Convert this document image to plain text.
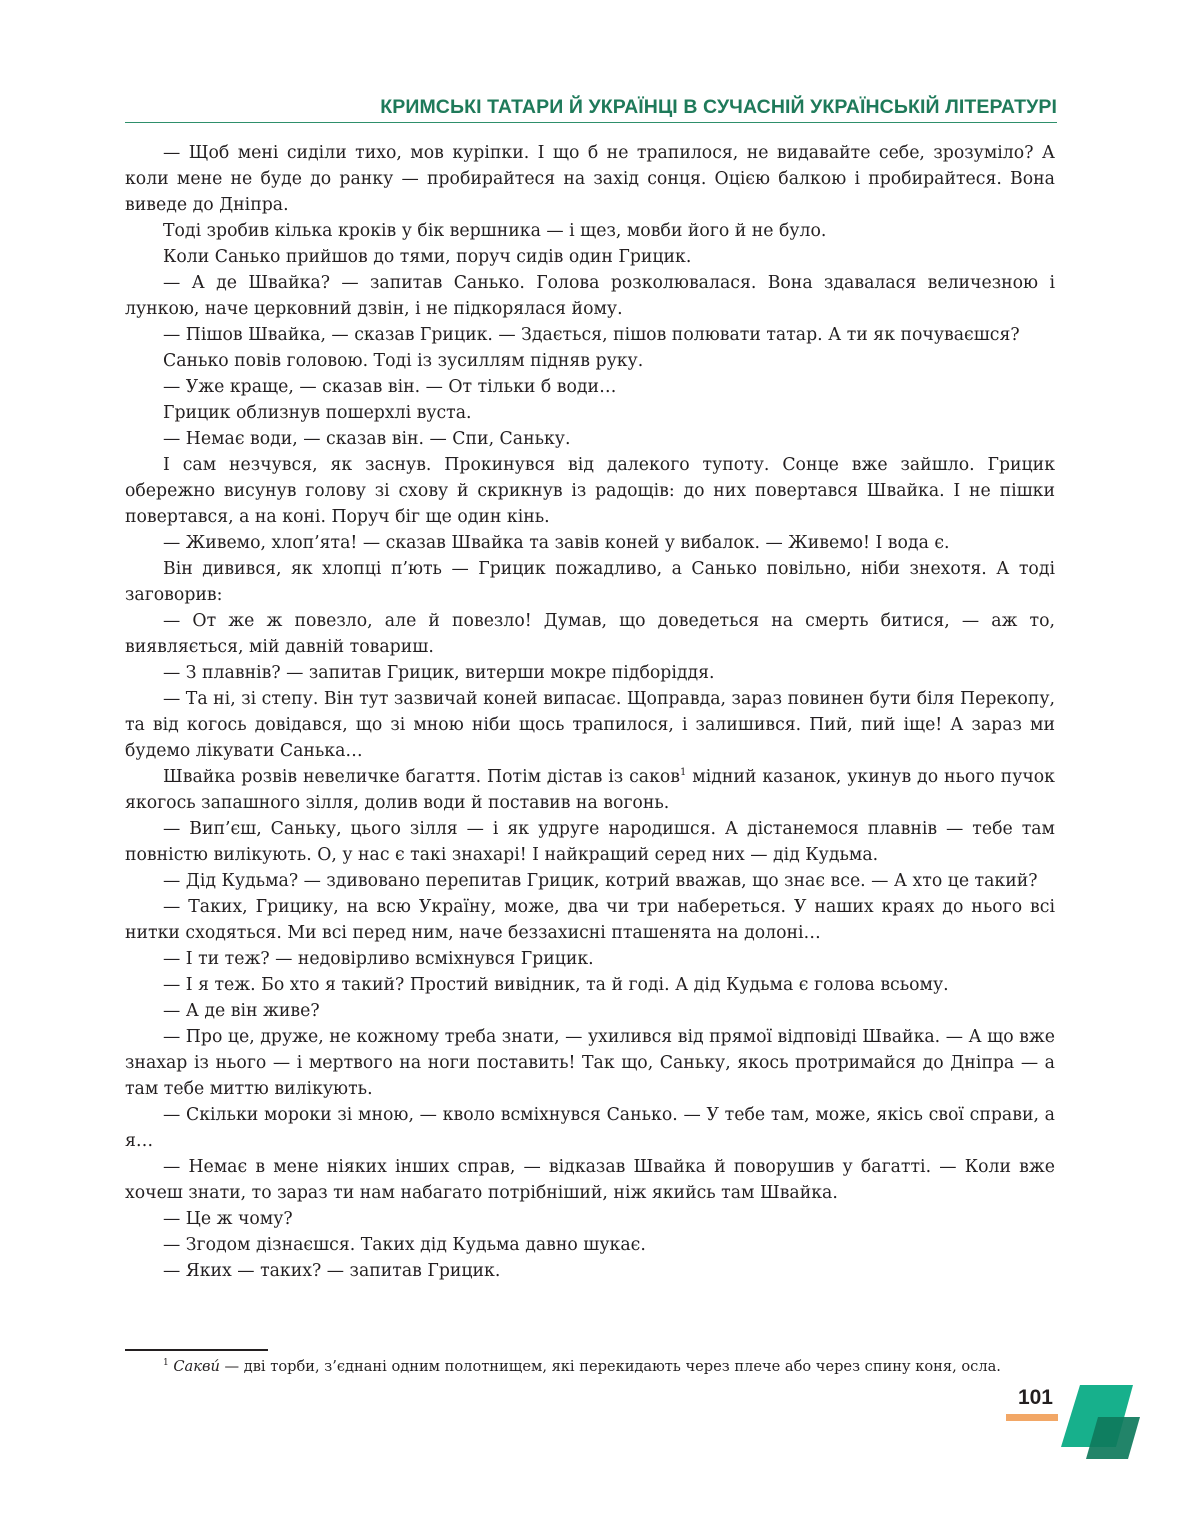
КРИМСЬКІ ТАТАРИ Й УКРАЇНЦІ В СУЧАСНІЙ УКРАЇНСЬКІЙ ЛІТЕРАТУРІ

— Щоб мені сиділи тихо, мов куріпки. І що б не трапилося, не видавайте себе, зрозуміло? А коли мене не буде до ранку — пробирайтеся на захід сонця. Оцією балкою і пробирайтеся. Вона виведе до Дніпра.

Тоді зробив кілька кроків у бік вершника — і щез, мовби його й не було.

Коли Санько прийшов до тями, поруч сидів один Грицик.

— А де Швайка? — запитав Санько. Голова розколювалася. Вона здавалася величезною і лункою, наче церковний дзвін, і не підкорялася йому.

— Пішов Швайка, — сказав Грицик. — Здається, пішов полювати татар. А ти як почуваєшся?

Санько повів головою. Тоді із зусиллям підняв руку.

— Уже краще, — сказав він. — От тільки б води…

Грицик облизнув пошерхлі вуста.

— Немає води, — сказав він. — Спи, Саньку.

І сам незчувся, як заснув. Прокинувся від далекого тупоту. Сонце вже зайшло. Грицик обережно висунув голову зі схову й скрикнув із радощів: до них повертався Швайка. І не пішки повертався, а на коні. Поруч біг ще один кінь.

— Живемо, хлоп’ята! — сказав Швайка та завів коней у вибалок. — Живемо! І вода є.

Він дивився, як хлопці п’ють — Грицик пожадливо, а Санько повільно, ніби знехотя. А тоді заговорив:

— От же ж повезло, але й повезло! Думав, що доведеться на смерть битися, — аж то, виявляється, мій давній товариш.

— З плавнів? — запитав Грицик, витерши мокре підборіддя.

— Та ні, зі степу. Він тут зазвичай коней випасає. Щоправда, зараз повинен бути біля Перекопу, та від когось довідався, що зі мною ніби щось трапилося, і залишився. Пий, пий іще! А зараз ми будемо лікувати Санька…

Швайка розвів невеличке багаття. Потім дістав із саков$^1$ мідний казанок, укинув до нього пучок якогось запашного зілля, долив води й поставив на вогонь.

— Вип’єш, Саньку, цього зілля — і як удруге народишся. А дістанемося плавнів — тебе там повністю вилікують. О, у нас є такі знахарі! І найкращий серед них — дід Кудьма.

— Дід Кудьма? — здивовано перепитав Грицик, котрий вважав, що знає все. — А хто це такий?

— Таких, Грицику, на всю Україну, може, два чи три набереться. У наших краях до нього всі нитки сходяться. Ми всі перед ним, наче беззахисні пташенята на долоні…

— І ти теж? — недовірливо всміхнувся Грицик.

— І я теж. Бо хто я такий? Простий вивідник, та й годі. А дід Кудьма є голова всьому.

— А де він живе?

— Про це, друже, не кожному треба знати, — ухилився від прямої відповіді Швайка. — А що вже знахар із нього — і мертвого на ноги поставить! Так що, Саньку, якось протримайся до Дніпра — а там тебе миттю вилікують.

— Скільки мороки зі мною, — кволо всміхнувся Санько. — У тебе там, може, якісь свої справи, а я…

— Немає в мене ніяких інших справ, — відказав Швайка й поворушив у багатті. — Коли вже хочеш знати, то зараз ти нам набагато потрібніший, ніж якийсь там Швайка.

— Це ж чому?

— Згодом дізнаєшся. Таких дід Кудьма давно шукає.

— Яких — таких? — запитав Грицик.

$^1$ Сакви́ — дві торби, з’єднані одним полотнищем, які перекидають через плече або через спину коня, осла.

101
